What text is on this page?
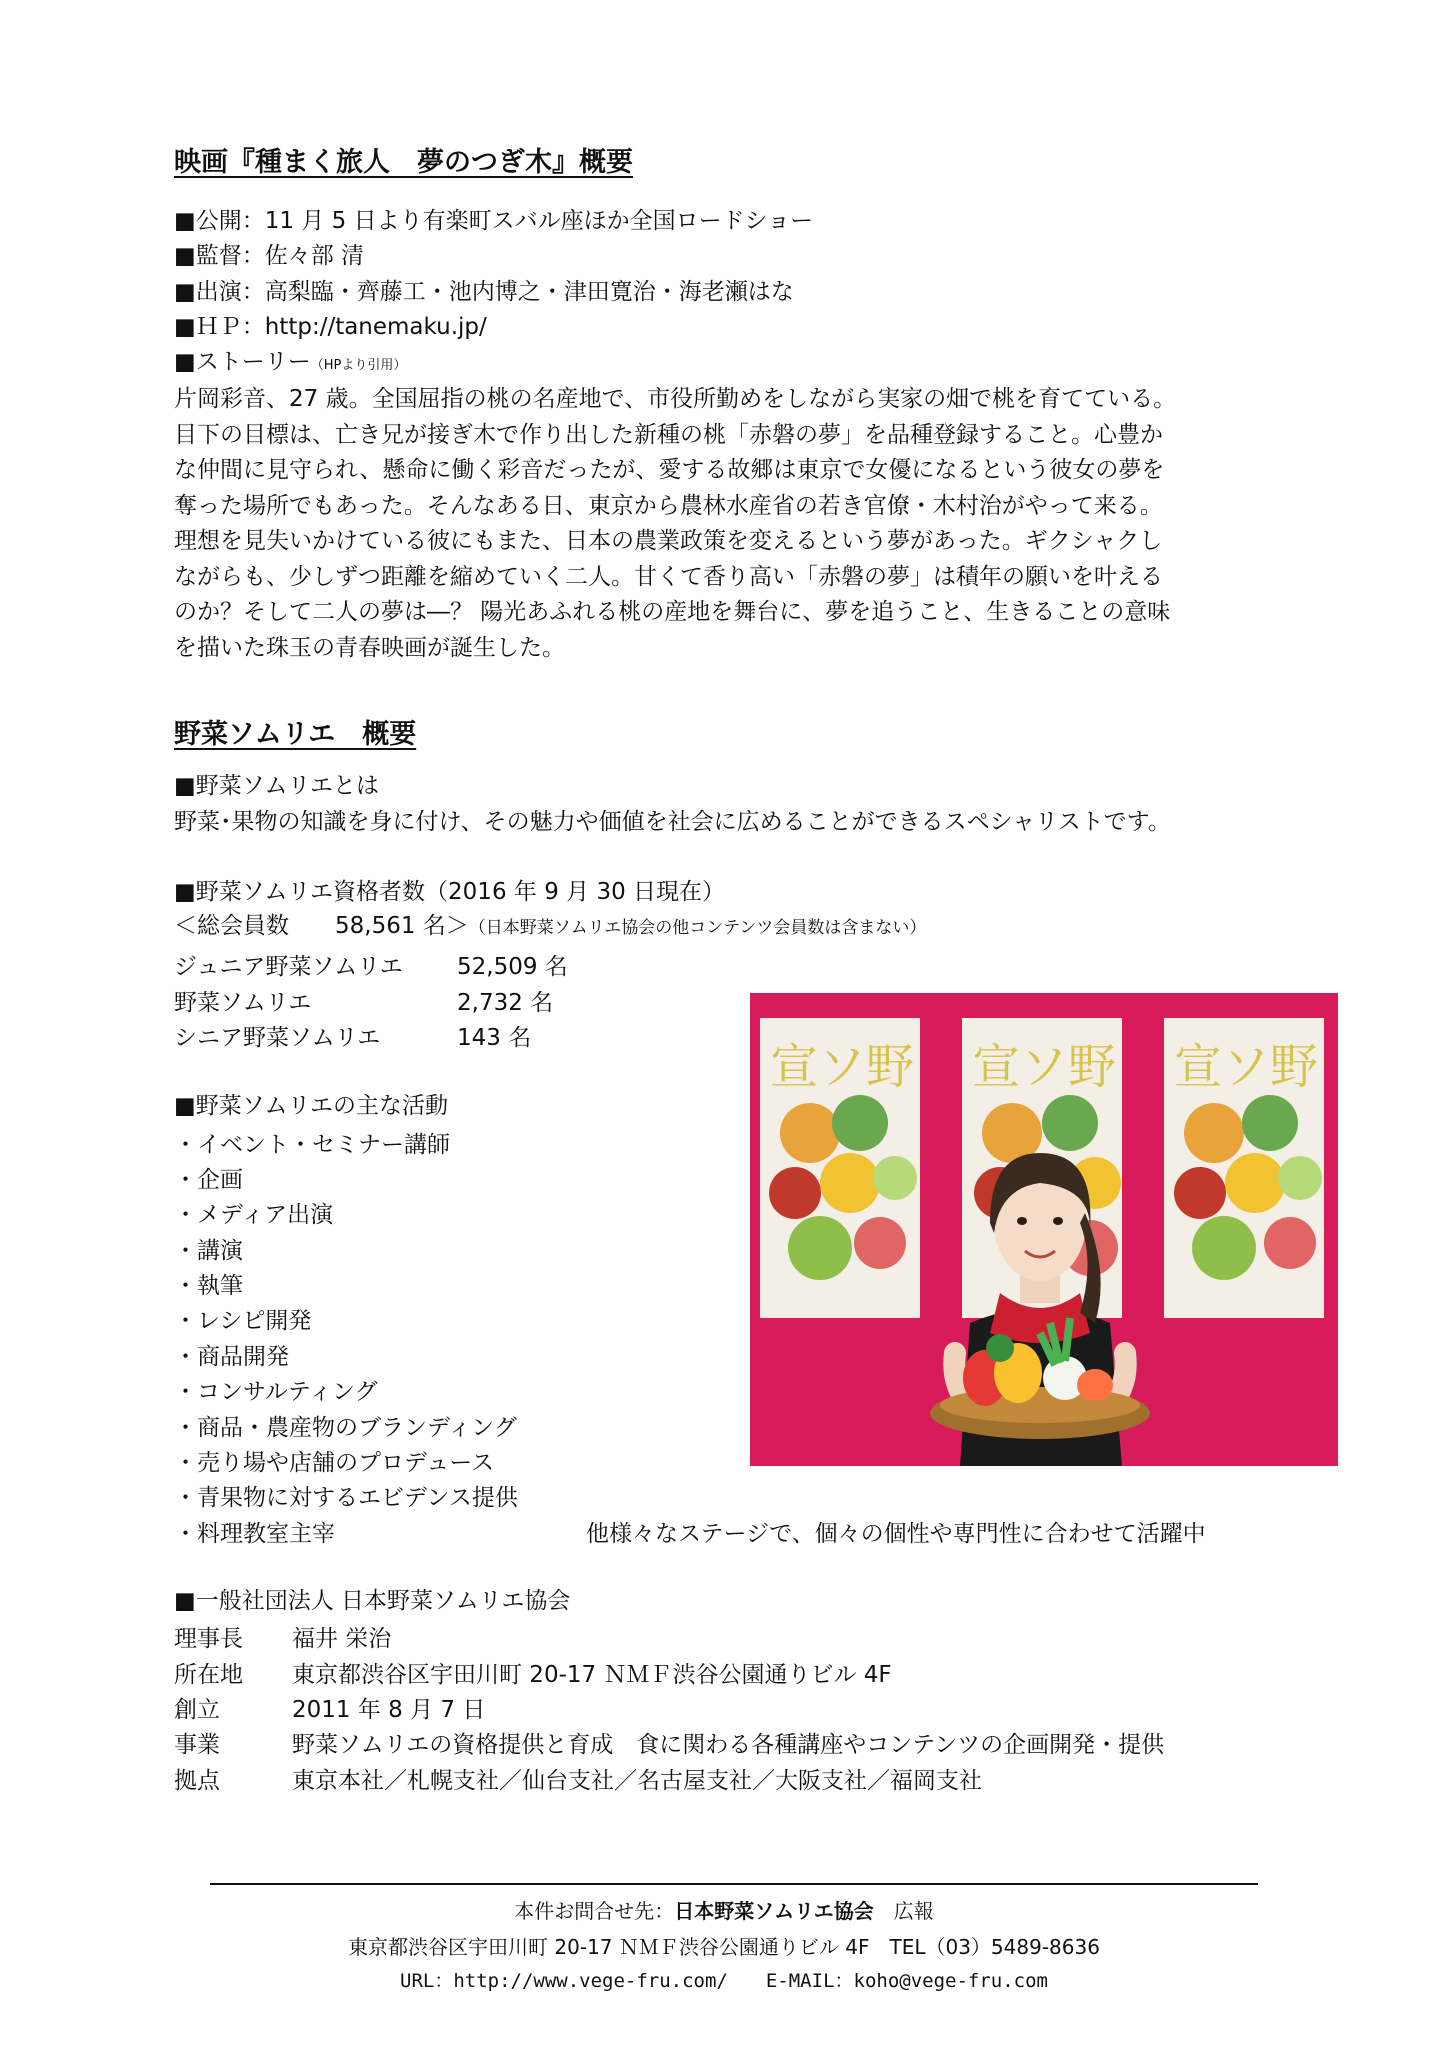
映画『種まく旅人　夢のつぎ木』概要
■公開：11 月 5 日より有楽町スバル座ほか全国ロードショー
■監督：佐々部 清
■出演：高梨臨・齊藤工・池内博之・津田寛治・海老瀬はな
■ＨＰ：http://tanemaku.jp/
■ストーリー（HPより引用）
片岡彩音、27 歳。全国屈指の桃の名産地で、市役所勤めをしながら実家の畑で桃を育てている。
目下の目標は、亡き兄が接ぎ木で作り出した新種の桃「赤磐の夢」を品種登録すること。心豊か
な仲間に見守られ、懸命に働く彩音だったが、愛する故郷は東京で女優になるという彼女の夢を
奪った場所でもあった。そんなある日、東京から農林水産省の若き官僚・木村治がやって来る。
理想を見失いかけている彼にもまた、日本の農業政策を変えるという夢があった。ギクシャクし
ながらも、少しずつ距離を縮めていく二人。甘くて香り高い「赤磐の夢」は積年の願いを叶える
のか？そして二人の夢は―？ 陽光あふれる桃の産地を舞台に、夢を追うこと、生きることの意味
を描いた珠玉の青春映画が誕生した。
野菜ソムリエ　概要
■野菜ソムリエとは
野菜･果物の知識を身に付け、その魅力や価値を社会に広めることができるスペシャリストです。
■野菜ソムリエ資格者数（2016 年 9 月 30 日現在）
＜総会員数　　58,561 名＞（日本野菜ソムリエ協会の他コンテンツ会員数は含まない）
ジュニア野菜ソムリエ 52,509 名
野菜ソムリエ	2,732 名
シニア野菜ソムリエ	143 名
■野菜ソムリエの主な活動
・イベント・セミナー講師
・企画
・メディア出演
・講演
・執筆
・レシピ開発
・商品開発
・コンサルティング
・商品・農産物のブランディング
・売り場や店舗のプロデュース
・青果物に対するエビデンス提供
・料理教室主宰	他様々なステージで、個々の個性や専門性に合わせて活躍中
宣ソ野 宣ソ野 宣ソ野
■一般社団法人 日本野菜ソムリエ協会
理事長 福井 栄治
所在地 東京都渋谷区宇田川町 20-17 ＮＭＦ渋谷公園通りビル 4F
創立	2011 年 8 月 7 日
事業	野菜ソムリエの資格提供と育成　食に関わる各種講座やコンテンツの企画開発・提供
拠点	東京本社／札幌支社／仙台支社／名古屋支社／大阪支社／福岡支社
本件お問合せ先：日本野菜ソムリエ協会　広報
東京都渋谷区宇田川町 20-17 ＮＭＦ渋谷公園通りビル 4F　TEL（03）5489-8636
URL：http://www.vege-fru.com/　　E-MAIL：koho@vege-fru.com
